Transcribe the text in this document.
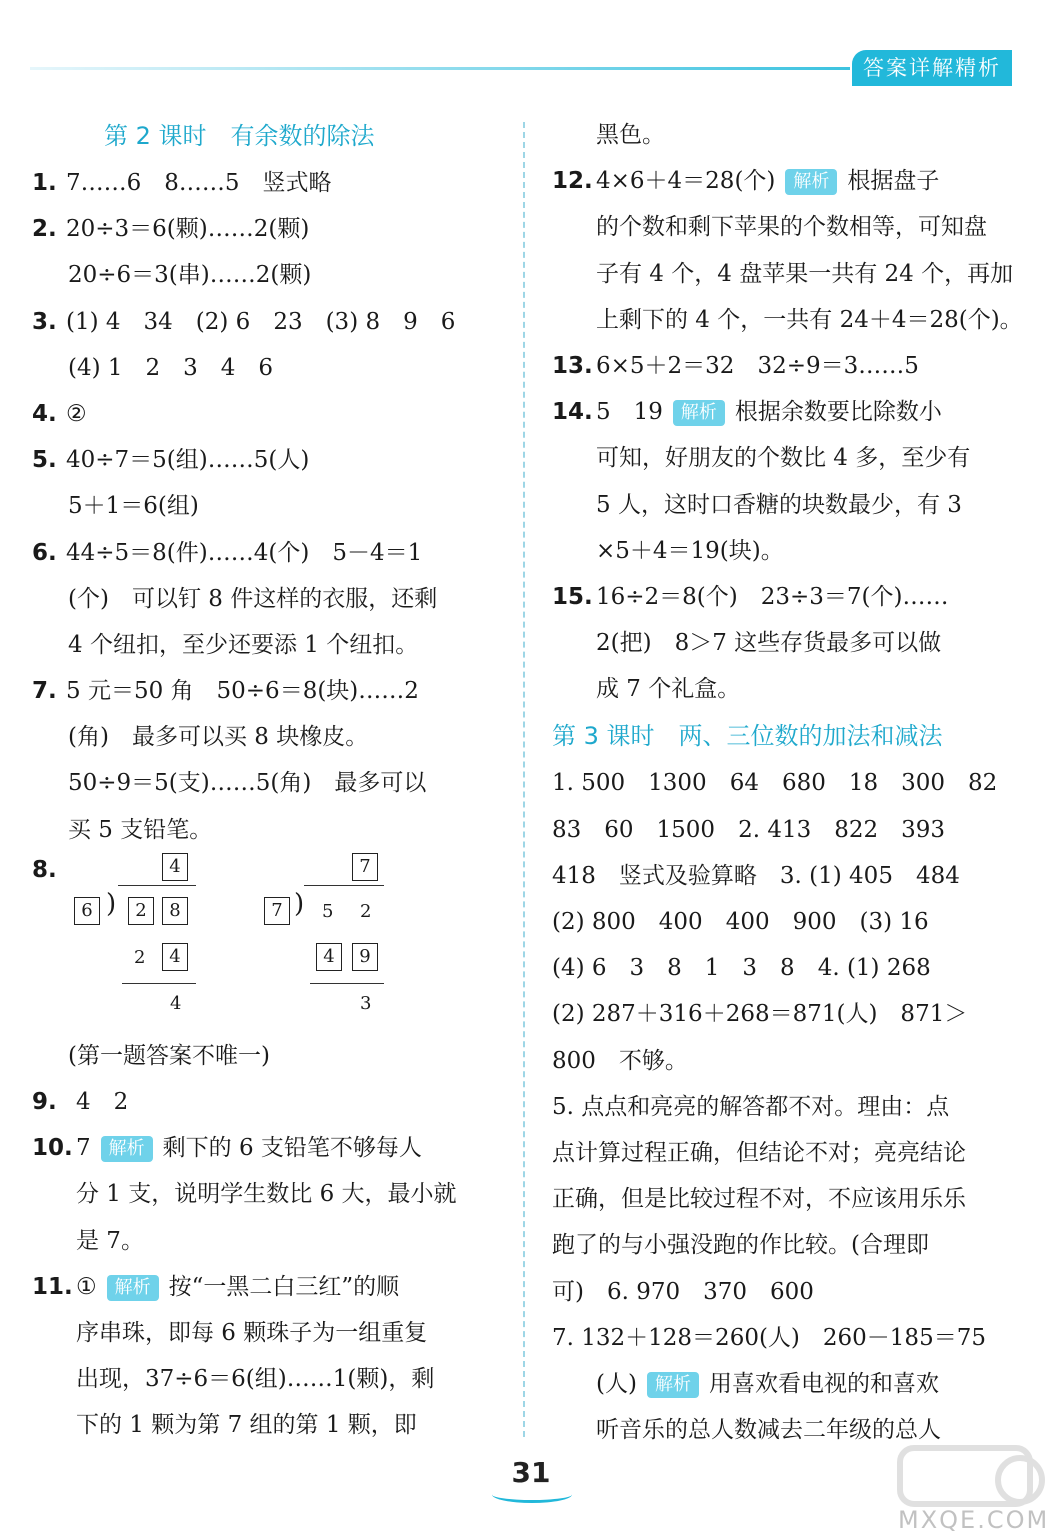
答案详解精析
第 2 课时　有余数的除法
1. 7……6　8……5　竖式略
2. 20÷3＝6(颗)……2(颗)
20÷6＝3(串)……2(颗)
3. (1) 4　34　(2) 6　23　(3) 8　9　6
(4) 1　2　3　4　6
4. ②
5. 40÷7＝5(组)……5(人)
5＋1＝6(组)
6. 44÷5＝8(件)……4(个)　5－4＝1
(个)　可以钉 8 件这样的衣服，还剩
4 个纽扣，至少还要添 1 个纽扣。
7. 5 元＝50 角　50÷6＝8(块)……2
(角)　最多可以买 8 块橡皮。
50÷9＝5(支)……5(角)　最多可以
买 5 支铅笔。
8.	4
6 )	2	8
2	4
4
7
7 ) 5 2
4	9
3
(第一题答案不唯一)
9. 4　2
10. 7 解析 剩下的 6 支铅笔不够每人
分 1 支，说明学生数比 6 大，最小就
是 7。
11. ① 解析 按“一黑二白三红”的顺
序串珠，即每 6 颗珠子为一组重复
出现，37÷6＝6(组)……1(颗)，剩
下的 1 颗为第 7 组的第 1 颗，即
黑色。
12. 4×6＋4＝28(个) 解析 根据盘子
的个数和剩下苹果的个数相等，可知盘
子有 4 个，4 盘苹果一共有 24 个，再加
上剩下的 4 个，一共有 24＋4＝28(个)。
13. 6×5＋2＝32　32÷9＝3……5
14. 5　19 解析 根据余数要比除数小
可知，好朋友的个数比 4 多，至少有
5 人，这时口香糖的块数最少，有 3
×5＋4＝19(块)。
15. 16÷2＝8(个)　23÷3＝7(个)……
2(把)　8＞7 这些存货最多可以做
成 7 个礼盒。
第 3 课时　两、三位数的加法和减法
1. 500　1300　64　680　18　300　82
83　60　1500　2. 413　822　393
418　竖式及验算略　3. (1) 405　484
(2) 800　400　400　900　(3) 16
(4) 6　3　8　1　3　8　4. (1) 268
(2) 287＋316＋268＝871(人)　871＞
800　不够。
5. 点点和亮亮的解答都不对。理由：点
点计算过程正确，但结论不对；亮亮结论
正确，但是比较过程不对，不应该用乐乐
跑了的与小强没跑的作比较。(合理即
可)　6. 970　370　600
7. 132＋128＝260(人)　260－185＝75
(人) 解析 用喜欢看电视的和喜欢
听音乐的总人数减去二年级的总人
31
MXQE.COM
